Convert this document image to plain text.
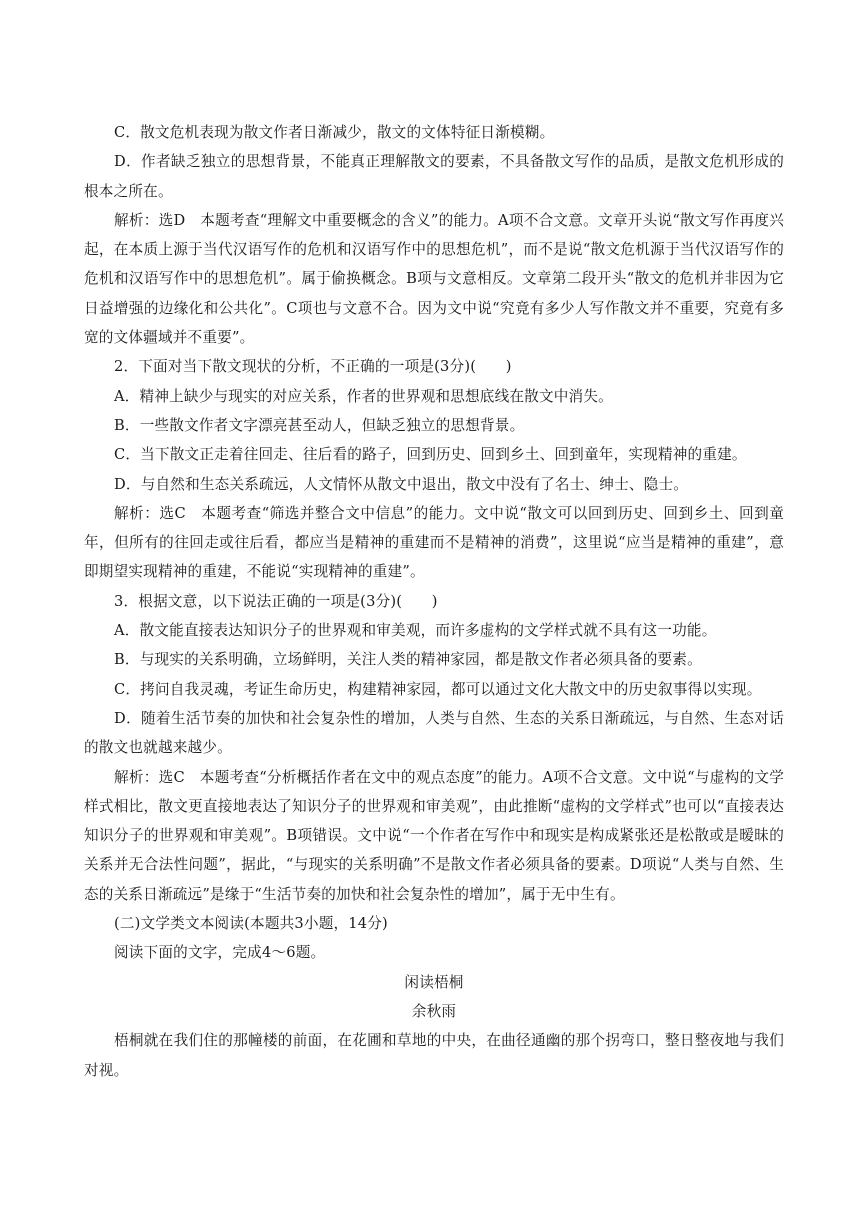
C．散文危机表现为散文作者日渐减少，散文的文体特征日渐模糊。

D．作者缺乏独立的思想背景，不能真正理解散文的要素，不具备散文写作的品质，是散文危机形成的根本之所在。

解析：选D　本题考查“理解文中重要概念的含义”的能力。A项不合文意。文章开头说“散文写作再度兴起，在本质上源于当代汉语写作的危机和汉语写作中的思想危机”，而不是说“散文危机源于当代汉语写作的危机和汉语写作中的思想危机”。属于偷换概念。B项与文意相反。文章第二段开头“散文的危机并非因为它日益增强的边缘化和公共化”。C项也与文意不合。因为文中说“究竟有多少人写作散文并不重要，究竟有多宽的文体疆域并不重要”。

2．下面对当下散文现状的分析，不正确的一项是(3分)(　　)

A．精神上缺少与现实的对应关系，作者的世界观和思想底线在散文中消失。

B．一些散文作者文字漂亮甚至动人，但缺乏独立的思想背景。

C．当下散文正走着往回走、往后看的路子，回到历史、回到乡土、回到童年，实现精神的重建。

D．与自然和生态关系疏远，人文情怀从散文中退出，散文中没有了名士、绅士、隐士。

解析：选C　本题考查“筛选并整合文中信息”的能力。文中说“散文可以回到历史、回到乡土、回到童年，但所有的往回走或往后看，都应当是精神的重建而不是精神的消费”，这里说“应当是精神的重建”，意即期望实现精神的重建，不能说“实现精神的重建”。

3．根据文意，以下说法正确的一项是(3分)(　　)

A．散文能直接表达知识分子的世界观和审美观，而许多虚构的文学样式就不具有这一功能。

B．与现实的关系明确，立场鲜明，关注人类的精神家园，都是散文作者必须具备的要素。

C．拷问自我灵魂，考证生命历史，构建精神家园，都可以通过文化大散文中的历史叙事得以实现。

D．随着生活节奏的加快和社会复杂性的增加，人类与自然、生态的关系日渐疏远，与自然、生态对话的散文也就越来越少。

解析：选C　本题考查“分析概括作者在文中的观点态度”的能力。A项不合文意。文中说“与虚构的文学样式相比，散文更直接地表达了知识分子的世界观和审美观”，由此推断“虚构的文学样式”也可以“直接表达知识分子的世界观和审美观”。B项错误。文中说“一个作者在写作中和现实是构成紧张还是松散或是暧昧的关系并无合法性问题”，据此，“与现实的关系明确”不是散文作者必须具备的要素。D项说“人类与自然、生态的关系日渐疏远”是缘于“生活节奏的加快和社会复杂性的增加”，属于无中生有。

(二)文学类文本阅读(本题共3小题，14分)

阅读下面的文字，完成4～6题。

闲读梧桐

余秋雨

梧桐就在我们住的那幢楼的前面，在花圃和草地的中央，在曲径通幽的那个拐弯口，整日整夜地与我们对视。
